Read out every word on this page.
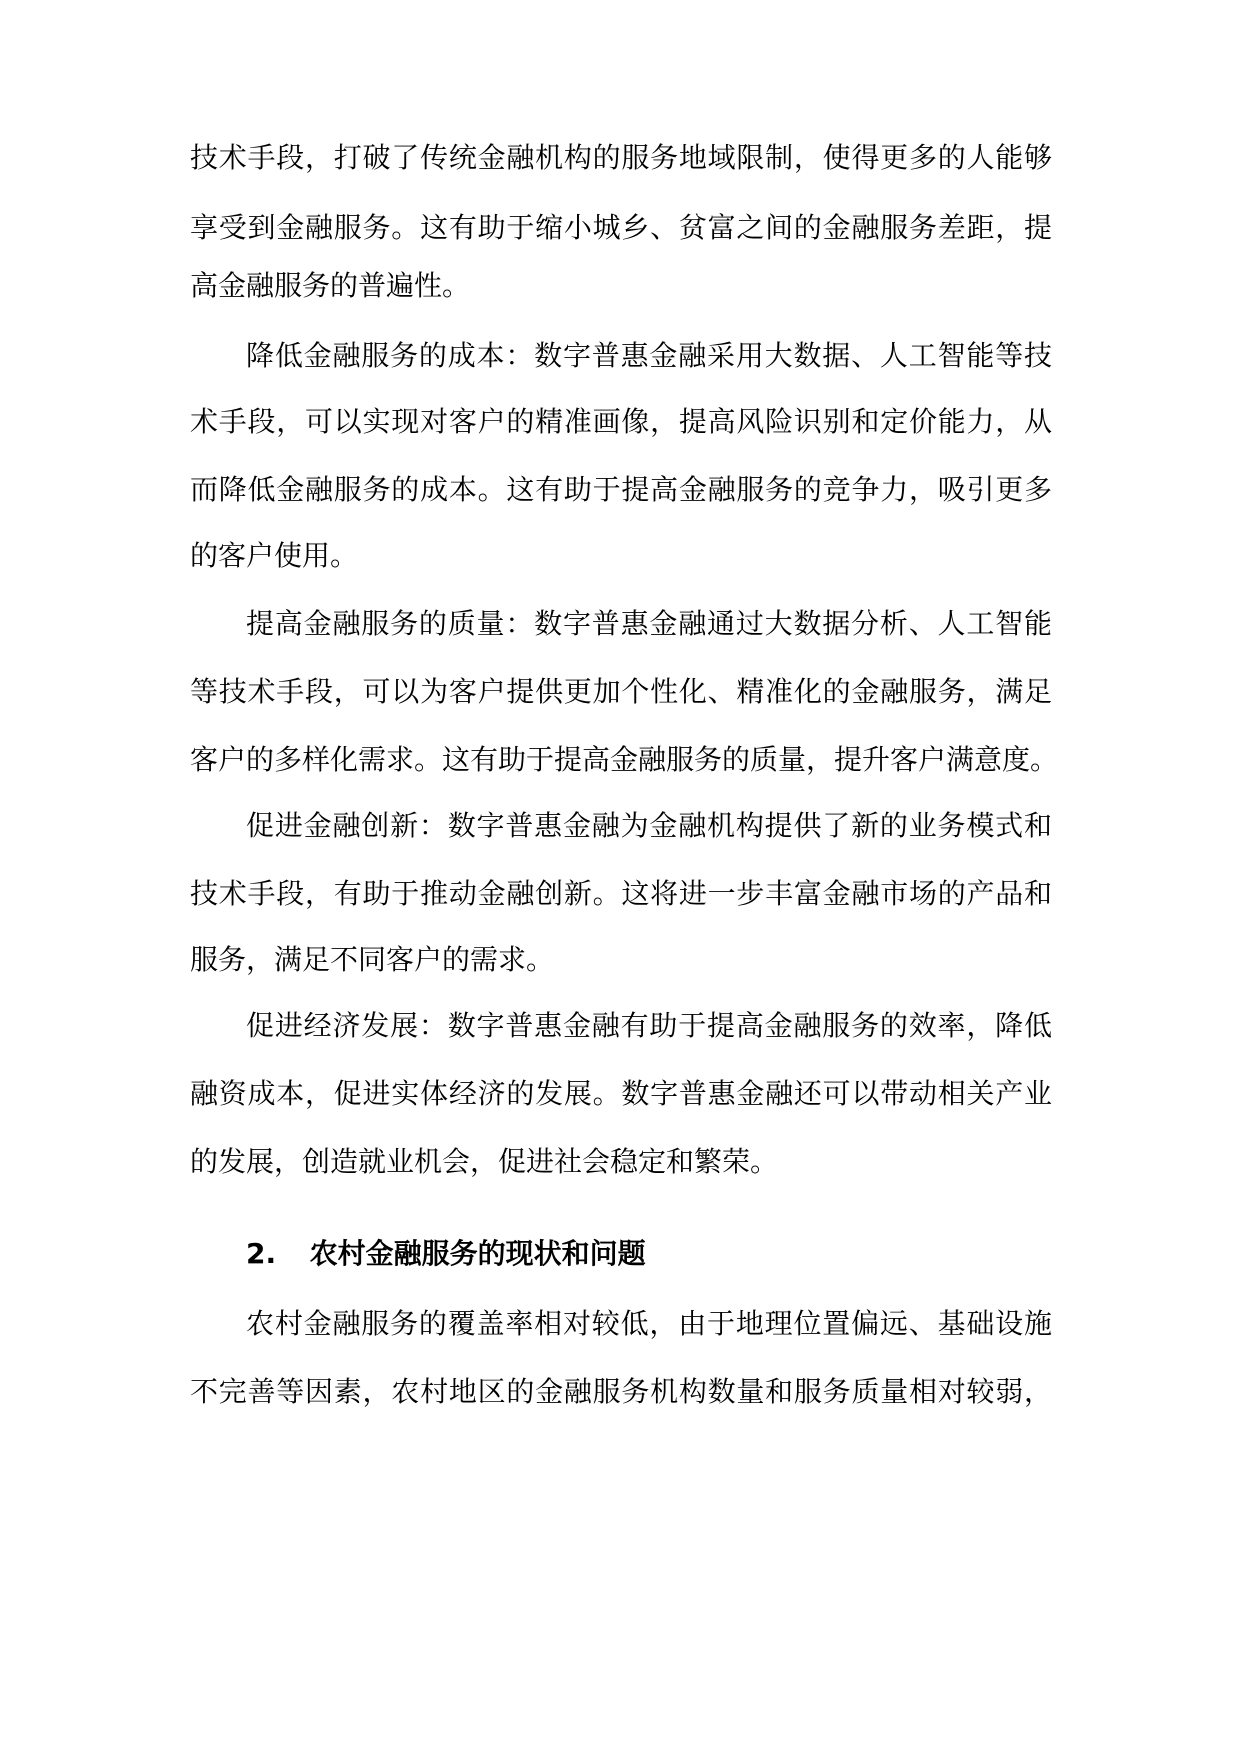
技术手段，打破了传统金融机构的服务地域限制，使得更多的人能够
享受到金融服务。这有助于缩小城乡、贫富之间的金融服务差距，提
高金融服务的普遍性。
降低金融服务的成本：数字普惠金融采用大数据、人工智能等技
术手段，可以实现对客户的精准画像，提高风险识别和定价能力，从
而降低金融服务的成本。这有助于提高金融服务的竞争力，吸引更多
的客户使用。
提高金融服务的质量：数字普惠金融通过大数据分析、人工智能
等技术手段，可以为客户提供更加个性化、精准化的金融服务，满足
客户的多样化需求。这有助于提高金融服务的质量，提升客户满意度。
促进金融创新：数字普惠金融为金融机构提供了新的业务模式和
技术手段，有助于推动金融创新。这将进一步丰富金融市场的产品和
服务，满足不同客户的需求。
促进经济发展：数字普惠金融有助于提高金融服务的效率，降低
融资成本，促进实体经济的发展。数字普惠金融还可以带动相关产业
的发展，创造就业机会，促进社会稳定和繁荣。
2. 农村金融服务的现状和问题
农村金融服务的覆盖率相对较低，由于地理位置偏远、基础设施
不完善等因素，农村地区的金融服务机构数量和服务质量相对较弱，
